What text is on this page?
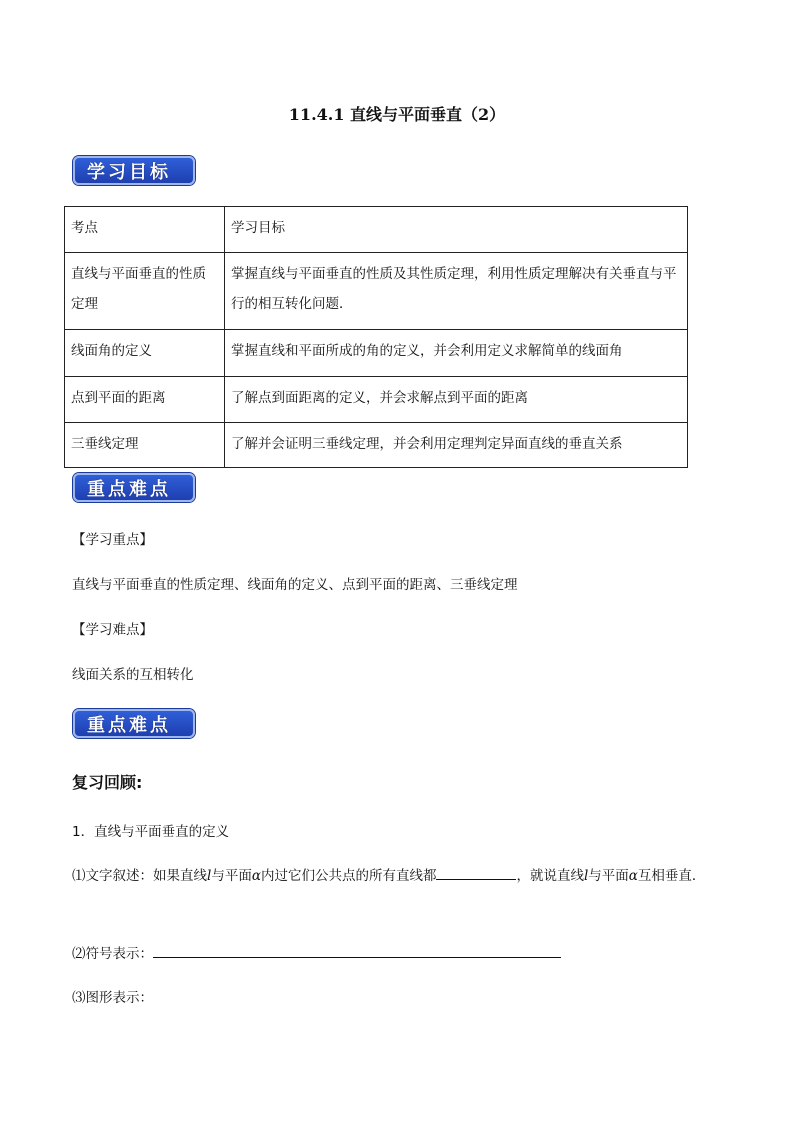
11.4.1 直线与平面垂直（2）
学习目标
考点	学习目标
直线与平面垂直的性质定理	掌握直线与平面垂直的性质及其性质定理，利用性质定理解决有关垂直与平行的相互转化问题．
线面角的定义	掌握直线和平面所成的角的定义，并会利用定义求解简单的线面角
点到平面的距离	了解点到面距离的定义，并会求解点到平面的距离
三垂线定理	了解并会证明三垂线定理，并会利用定理判定异面直线的垂直关系
重点难点
【学习重点】
直线与平面垂直的性质定理、线面角的定义、点到平面的距离、三垂线定理
【学习难点】
线面关系的互相转化
重点难点
复习回顾:
1．直线与平面垂直的定义
⑴文字叙述：如果直线l与平面α内过它们公共点的所有直线都	，就说直线l与平面α互相垂直．
⑵符号表示：
⑶图形表示：
